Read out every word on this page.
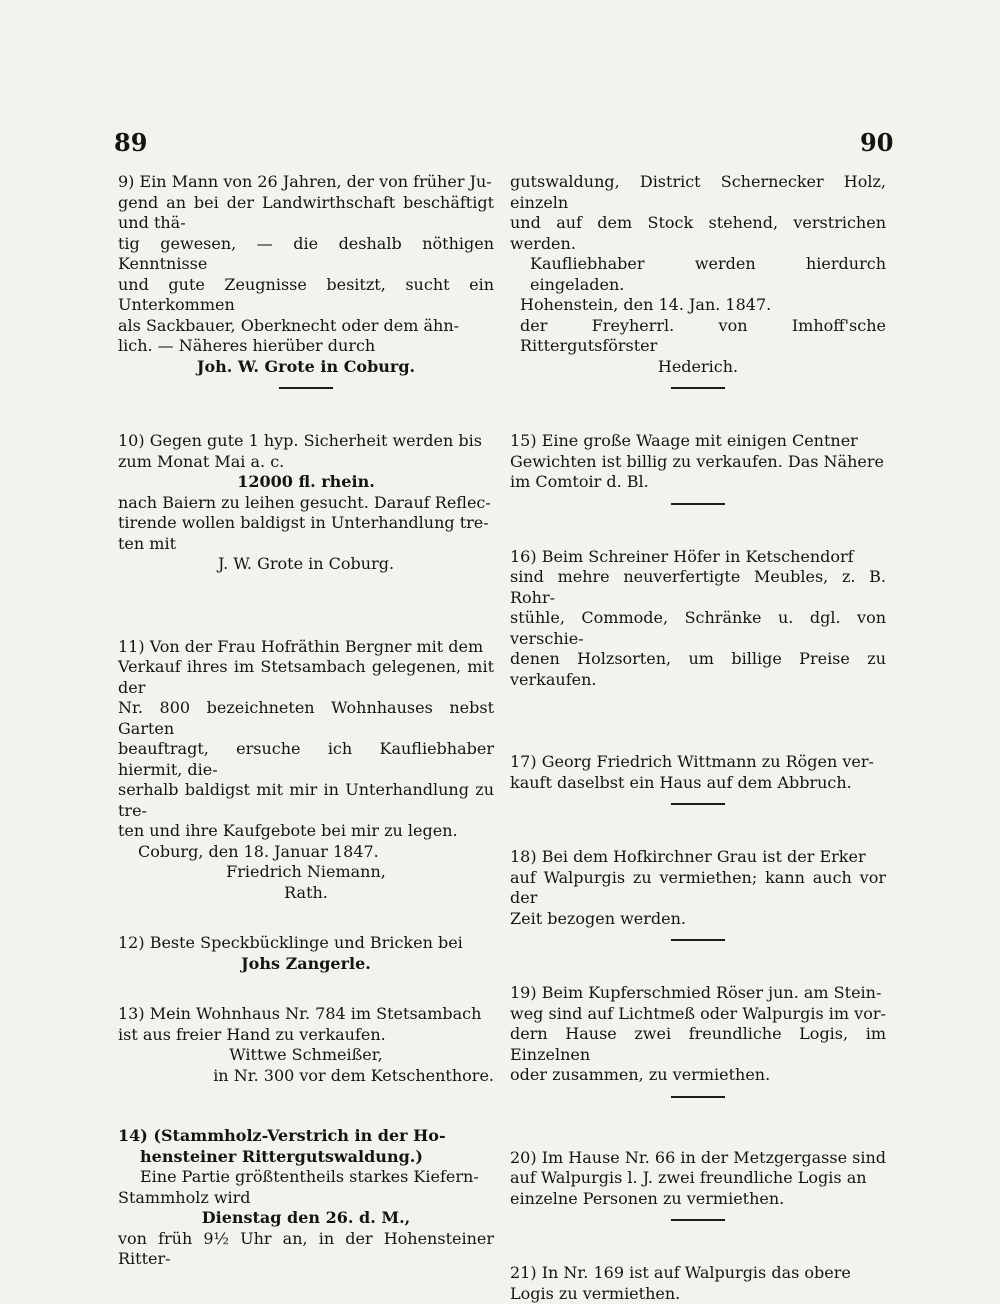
89	90

9) Ein Mann von 26 Jahren, der von früher Ju-

gend an bei der Landwirthschaft beschäftigt und thä-

tig gewesen, — die deshalb nöthigen Kenntnisse

und gute Zeugnisse besitzt, sucht ein Unterkommen

als Sackbauer, Oberknecht oder dem ähn-

lich. — Näheres hierüber durch

Joh. W. Grote in Coburg.

10) Gegen gute 1 hyp. Sicherheit werden bis

zum Monat Mai a. c.

12000 fl. rhein.

nach Baiern zu leihen gesucht. Darauf Reflec-

tirende wollen baldigst in Unterhandlung tre-

ten mit

J. W. Grote in Coburg.

11) Von der Frau Hofräthin Bergner mit dem

Verkauf ihres im Stetsambach gelegenen, mit der

Nr. 800 bezeichneten Wohnhauses nebst Garten

beauftragt, ersuche ich Kaufliebhaber hiermit, die-

serhalb baldigst mit mir in Unterhandlung zu tre-

ten und ihre Kaufgebote bei mir zu legen.

Coburg, den 18. Januar 1847.

Friedrich Niemann,

Rath.

12) Beste Speckbücklinge und Bricken bei

Johs Zangerle.

13) Mein Wohnhaus Nr. 784 im Stetsambach

ist aus freier Hand zu verkaufen.

Wittwe Schmeißer,

in Nr. 300 vor dem Ketschenthore.

14) (Stammholz-Verstrich in der Ho-

hensteiner Rittergutswaldung.)

Eine Partie größtentheils starkes Kiefern-

Stammholz wird

Dienstag den 26. d. M.,

von früh 9½ Uhr an, in der Hohensteiner Ritter-

gutswaldung, District Schernecker Holz, einzeln

und auf dem Stock stehend, verstrichen werden.

Kaufliebhaber werden hierdurch eingeladen.

Hohenstein, den 14. Jan. 1847.

der Freyherrl. von Imhoff'sche Rittergutsförster

Hederich.

15) Eine große Waage mit einigen Centner

Gewichten ist billig zu verkaufen. Das Nähere

im Comtoir d. Bl.

16) Beim Schreiner Höfer in Ketschendorf

sind mehre neuverfertigte Meubles, z. B. Rohr-

stühle, Commode, Schränke u. dgl. von verschie-

denen Holzsorten, um billige Preise zu verkaufen.

17) Georg Friedrich Wittmann zu Rögen ver-

kauft daselbst ein Haus auf dem Abbruch.

18) Bei dem Hofkirchner Grau ist der Erker

auf Walpurgis zu vermiethen; kann auch vor der

Zeit bezogen werden.

19) Beim Kupferschmied Röser jun. am Stein-

weg sind auf Lichtmeß oder Walpurgis im vor-

dern Hause zwei freundliche Logis, im Einzelnen

oder zusammen, zu vermiethen.

20) Im Hause Nr. 66 in der Metzgergasse sind

auf Walpurgis l. J. zwei freundliche Logis an

einzelne Personen zu vermiethen.

21) In Nr. 169 ist auf Walpurgis das obere

Logis zu vermiethen.
